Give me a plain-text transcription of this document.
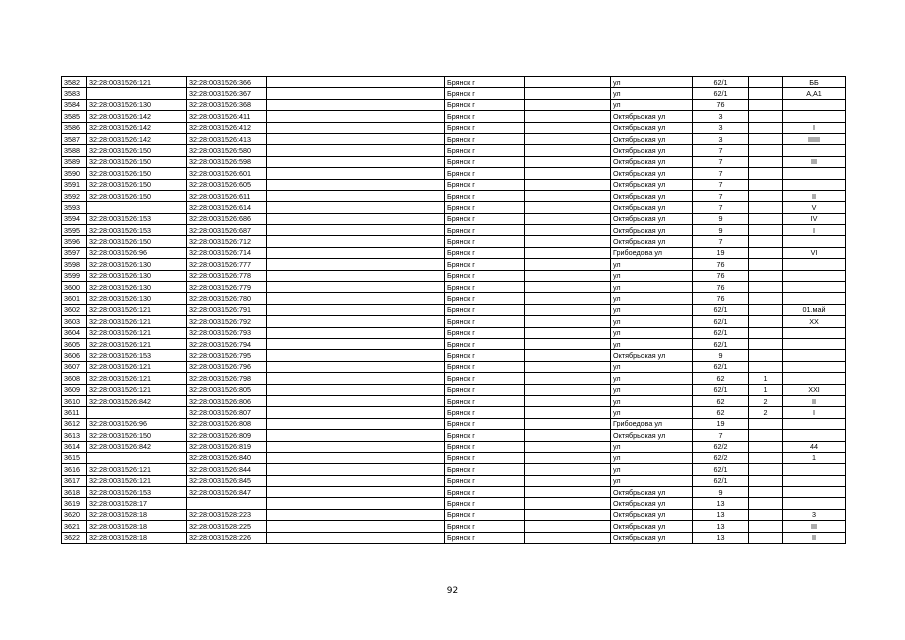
3582	32:28:0031526:121	32:28:0031526:366		Брянск г		ул	62/1		ББ
3583		32:28:0031526:367		Брянск г		ул	62/1		А,А1
3584	32:28:0031526:130	32:28:0031526:368		Брянск г		ул	76		
3585	32:28:0031526:142	32:28:0031526:411		Брянск г		Октябрьская ул	3		
3586	32:28:0031526:142	32:28:0031526:412		Брянск г		Октябрьская ул	3		I
3587	32:28:0031526:142	32:28:0031526:413		Брянск г		Октябрьская ул	3		IIIIII
3588	32:28:0031526:150	32:28:0031526:580		Брянск г		Октябрьская ул	7		
3589	32:28:0031526:150	32:28:0031526:598		Брянск г		Октябрьская ул	7		III
3590	32:28:0031526:150	32:28:0031526:601		Брянск г		Октябрьская ул	7		
3591	32:28:0031526:150	32:28:0031526:605		Брянск г		Октябрьская ул	7		
3592	32:28:0031526:150	32:28:0031526:611		Брянск г		Октябрьская ул	7		II
3593		32:28:0031526:614		Брянск г		Октябрьская ул	7		V
3594	32:28:0031526:153	32:28:0031526:686		Брянск г		Октябрьская ул	9		IV
3595	32:28:0031526:153	32:28:0031526:687		Брянск г		Октябрьская ул	9		I
3596	32:28:0031526:150	32:28:0031526:712		Брянск г		Октябрьская ул	7		
3597	32:28:0031526:96	32:28:0031526:714		Брянск г		Грибоедова ул	19		VI
3598	32:28:0031526:130	32:28:0031526:777		Брянск г		ул	76		
3599	32:28:0031526:130	32:28:0031526:778		Брянск г		ул	76		
3600	32:28:0031526:130	32:28:0031526:779		Брянск г		ул	76		
3601	32:28:0031526:130	32:28:0031526:780		Брянск г		ул	76		
3602	32:28:0031526:121	32:28:0031526:791		Брянск г		ул	62/1		01.май
3603	32:28:0031526:121	32:28:0031526:792		Брянск г		ул	62/1		XX
3604	32:28:0031526:121	32:28:0031526:793		Брянск г		ул	62/1		
3605	32:28:0031526:121	32:28:0031526:794		Брянск г		ул	62/1		
3606	32:28:0031526:153	32:28:0031526:795		Брянск г		Октябрьская ул	9		
3607	32:28:0031526:121	32:28:0031526:796		Брянск г		ул	62/1		
3608	32:28:0031526:121	32:28:0031526:798		Брянск г		ул	62	1	
3609	32:28:0031526:121	32:28:0031526:805		Брянск г		ул	62/1	1	XXI
3610	32:28:0031526:842	32:28:0031526:806		Брянск г		ул	62	2	II
3611		32:28:0031526:807		Брянск г		ул	62	2	I
3612	32:28:0031526:96	32:28:0031526:808		Брянск г		Грибоедова ул	19		
3613	32:28:0031526:150	32:28:0031526:809		Брянск г		Октябрьская ул	7		
3614	32:28:0031526:842	32:28:0031526:819		Брянск г		ул	62/2		44
3615		32:28:0031526:840		Брянск г		ул	62/2		1
3616	32:28:0031526:121	32:28:0031526:844		Брянск г		ул	62/1		
3617	32:28:0031526:121	32:28:0031526:845		Брянск г		ул	62/1		
3618	32:28:0031526:153	32:28:0031526:847		Брянск г		Октябрьская ул	9		
3619	32:28:0031528:17			Брянск г		Октябрьская ул	13		
3620	32:28:0031528:18	32:28:0031528:223		Брянск г		Октябрьская ул	13		3
3621	32:28:0031528:18	32:28:0031528:225		Брянск г		Октябрьская ул	13		III
3622	32:28:0031528:18	32:28:0031528:226		Брянск г		Октябрьская ул	13		II
92
